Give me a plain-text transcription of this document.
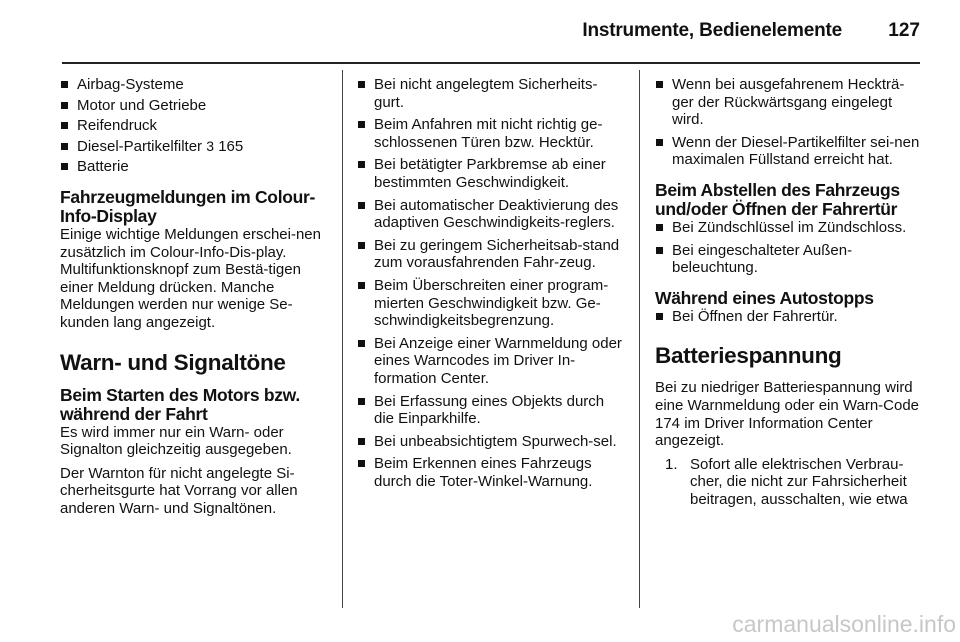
Instrumente, Bedienelemente 127
Airbag-Systeme
Motor und Getriebe
Reifendruck
Diesel-Partikelfilter 3 165
Batterie
Fahrzeugmeldungen im Colour-Info-Display

Einige wichtige Meldungen erschei-nen zusätzlich im Colour-Info-Dis-play. Multifunktionsknopf zum Bestä-tigen einer Meldung drücken. Manche Meldungen werden nur wenige Se-kunden lang angezeigt.

Warn- und Signaltöne
Beim Starten des Motors bzw. während der Fahrt

Es wird immer nur ein Warn- oder Signalton gleichzeitig ausgegeben.

Der Warnton für nicht angelegte Si-cherheitsgurte hat Vorrang vor allen anderen Warn- und Signaltönen.

Bei nicht angelegtem Sicherheits-gurt.
Beim Anfahren mit nicht richtig ge-schlossenen Türen bzw. Hecktür.
Bei betätigter Parkbremse ab einer bestimmten Geschwindigkeit.
Bei automatischer Deaktivierung des adaptiven Geschwindigkeits-reglers.
Bei zu geringem Sicherheitsab-stand zum vorausfahrenden Fahr-zeug.
Beim Überschreiten einer program-mierten Geschwindigkeit bzw. Ge-schwindigkeitsbegrenzung.
Bei Anzeige einer Warnmeldung oder eines Warncodes im Driver In-formation Center.
Bei Erfassung eines Objekts durch die Einparkhilfe.
Bei unbeabsichtigtem Spurwech-sel.
Beim Erkennen eines Fahrzeugs durch die Toter-Winkel-Warnung.
Wenn bei ausgefahrenem Heckträ-ger der Rückwärtsgang eingelegt wird.
Wenn der Diesel-Partikelfilter sei-nen maximalen Füllstand erreicht hat.
Beim Abstellen des Fahrzeugs und/oder Öffnen der Fahrertür
Bei Zündschlüssel im Zündschloss.
Bei eingeschalteter Außen-beleuchtung.
Während eines Autostopps
Bei Öffnen der Fahrertür.
Batteriespannung

Bei zu niedriger Batteriespannung wird eine Warnmeldung oder ein Warn-Code 174 im Driver Information Center angezeigt.

1. Sofort alle elektrischen Verbrau-cher, die nicht zur Fahrsicherheit beitragen, ausschalten, wie etwa
carmanualsonline.info
